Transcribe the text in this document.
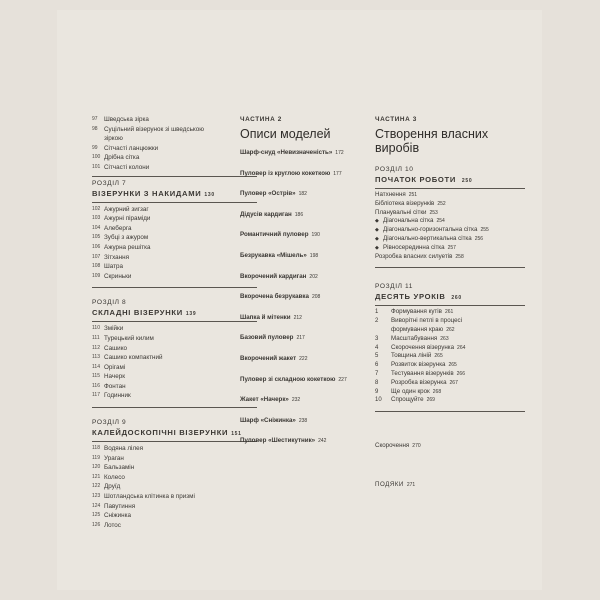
97	Шведська зірка
98	Суцільний візерунок зі шведською
зіркою
99	Сітчасті ланцюжки
100 Дрібна сітка
101 Сітчасті колони
РОЗДІЛ 7
ВІЗЕРУНКИ З НАКИДАМИ 130
102 Ажурний зигзаг
103 Ажурні піраміди
104 Алеберга
105 Зубці з ажуром
106 Ажурна решітка
107 Зітхання
108 Шатра
109 Скриньки
РОЗДІЛ 8
СКЛАДНІ ВІЗЕРУНКИ 139
110 Змійки
111 Турецький килим
112 Сашико
113 Сашико компактний
114 Орігамі
115 Начерк
116 Фонтан
117 Годинник
РОЗДІЛ 9
КАЛЕЙДОСКОПІЧНІ ВІЗЕРУНКИ 151
118 Водяна лілея
119 Ураган
120 Бальзамін
121 Колесо
122 Друїд
123 Шотландська клітинка в призмі
124 Павутиння
125 Сніжинка
126 Лотос
ЧАСТИНА 2
Описи моделей
Шарф-снуд «Невизначеність» 172
Пуловер із круглою кокеткою 177
Пуловер «Острів» 182
Дідусів кардиган 186
Романтичний пуловер 190
Безрукавка «Мішель» 198
Вкорочений кардиган 202
Вкорочена безрукавка 208
Шапка й мітенки 212
Базовий пуловер 217
Вкорочений жакет 222
Пуловер зі складною кокеткою 227
Жакет «Начерк» 232
Шарф «Сніжинка» 238
Пуловер «Шестикутник» 242
ЧАСТИНА 3
Створення власних виробів
РОЗДІЛ 10
ПОЧАТОК РОБОТИ 250
Натхнення 251
Бібліотека візерунків 252
Планувальні сітки 253
◆ Діагональна сітка 254
◆ Діагонально-горизонтальна сітка 255
◆ Діагонально-вертикальна сітка 256
◆ Рівносерединна сітка 257
Розробка власних силуетів 258
РОЗДІЛ 11
ДЕСЯТЬ УРОКІВ 260
1	Формування кутів 261
2	Виворітні петлі в процесі
формування краю 262
3	Масштабування 263
4	Скорочення візерунка 264
5	Товщина ліній 265
6	Розвиток візерунка 265
7	Тестування візерунків 266
8	Розробка візерунка 267
9	Ще один крок 268
10	Спрощуйте 269
Скорочення 270
ПОДЯКИ 271
